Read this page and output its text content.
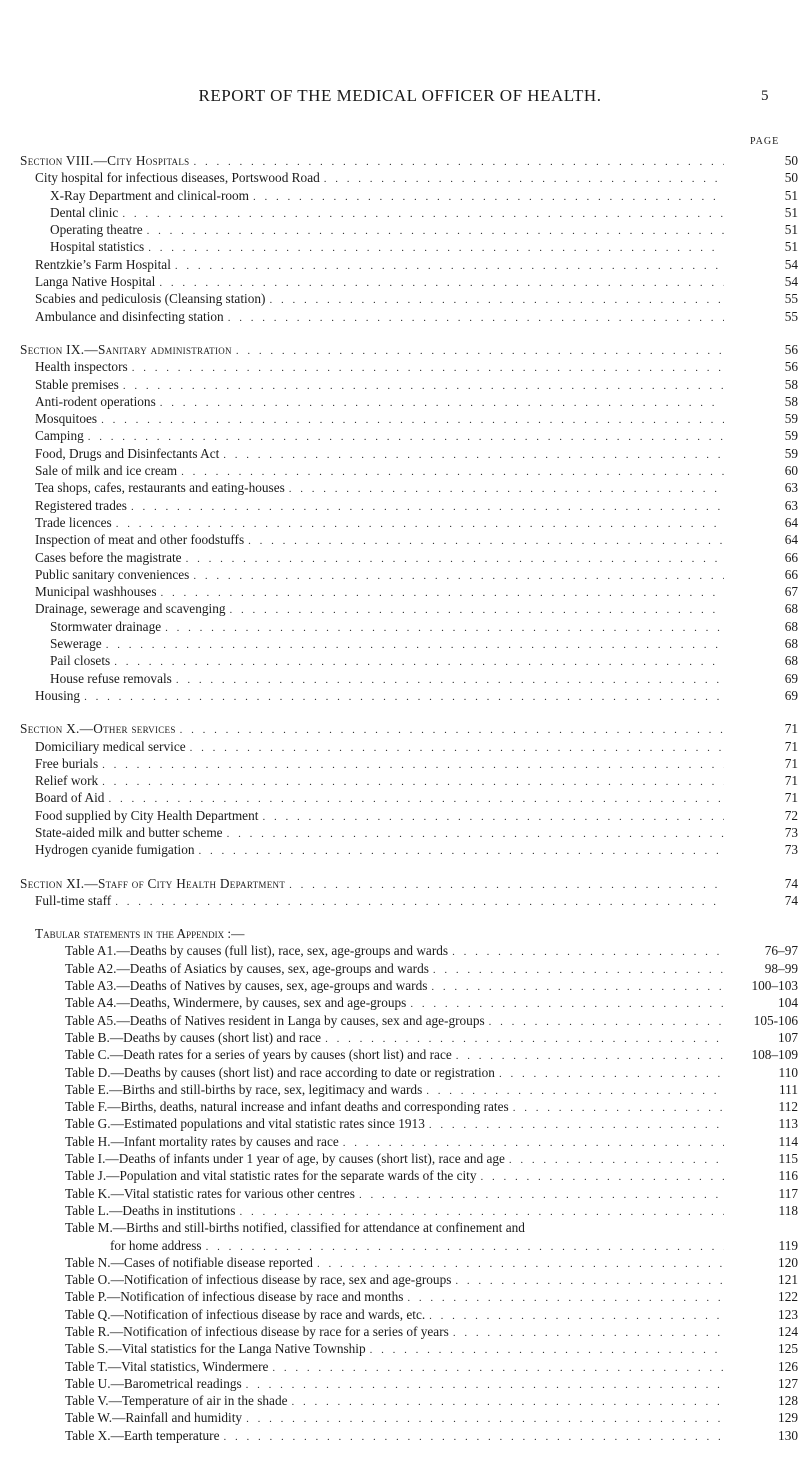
REPORT OF THE MEDICAL OFFICER OF HEALTH.	5
PAGE
Section VIII.—City Hospitals . . .	50
City hospital for infectious diseases, Portswood Road . . .	50
X-Ray Department and clinical-room . . .	51
Dental clinic . . .	51
Operating theatre . . .	51
Hospital statistics . . .	51
Rentzkie’s Farm Hospital . . .	54
Langa Native Hospital . . .	54
Scabies and pediculosis (Cleansing station) . . .	55
Ambulance and disinfecting station . . .	55
Section IX.—Sanitary administration . . .	56
Health inspectors . . .	56
Stable premises . . .	58
Anti-rodent operations . . .	58
Mosquitoes . . .	59
Camping . . .	59
Food, Drugs and Disinfectants Act . . .	59
Sale of milk and ice cream . . .	60
Tea shops, cafes, restaurants and eating-houses . . .	63
Registered trades . . .	63
Trade licences . . .	64
Inspection of meat and other foodstuffs . . .	64
Cases before the magistrate . . .	66
Public sanitary conveniences . . .	66
Municipal washhouses . . .	67
Drainage, sewerage and scavenging . . .	68
Stormwater drainage . . .	68
Sewerage . . .	68
Pail closets . . .	68
House refuse removals . . .	69
Housing . . .	69
Section X.—Other services . . .	71
Domiciliary medical service . . .	71
Free burials . . .	71
Relief work . . .	71
Board of Aid . . .	71
Food supplied by City Health Department . . .	72
State-aided milk and butter scheme . . .	73
Hydrogen cyanide fumigation . . .	73
Section XI.—Staff of City Health Department . . .	74
Full-time staff . . .	74
Tabular statements in the Appendix :—
Table A1.—Deaths by causes (full list), race, sex, age-groups and wards . . .	76–97
Table A2.—Deaths of Asiatics by causes, sex, age-groups and wards . . .	98–99
Table A3.—Deaths of Natives by causes, sex, age-groups and wards . . .	100–103
Table A4.—Deaths, Windermere, by causes, sex and age-groups . . .	104
Table A5.—Deaths of Natives resident in Langa by causes, sex and age-groups . . .	105-106
Table B.—Deaths by causes (short list) and race . . .	107
Table C.—Death rates for a series of years by causes (short list) and race . . .	108–109
Table D.—Deaths by causes (short list) and race according to date or registration . . .	110
Table E.—Births and still-births by race, sex, legitimacy and wards . . .	111
Table F.—Births, deaths, natural increase and infant deaths and corresponding rates . . .	112
Table G.—Estimated populations and vital statistic rates since 1913 . . .	113
Table H.—Infant mortality rates by causes and race . . .	114
Table I.—Deaths of infants under 1 year of age, by causes (short list), race and age . . .	115
Table J.—Population and vital statistic rates for the separate wards of the city . . .	116
Table K.—Vital statistic rates for various other centres . . .	117
Table L.—Deaths in institutions . . .	118
Table M.—Births and still-births notified, classified for attendance at confinement and
for home address . . .	119
Table N.—Cases of notifiable disease reported . . .	120
Table O.—Notification of infectious disease by race, sex and age-groups . . .	121
Table P.—Notification of infectious disease by race and months . . .	122
Table Q.—Notification of infectious disease by race and wards, etc. . . .	123
Table R.—Notification of infectious disease by race for a series of years . . .	124
Table S.—Vital statistics for the Langa Native Township . . .	125
Table T.—Vital statistics, Windermere . . .	126
Table U.—Barometrical readings . . .	127
Table V.—Temperature of air in the shade . . .	128
Table W.—Rainfall and humidity . . .	129
Table X.—Earth temperature . . .	130
